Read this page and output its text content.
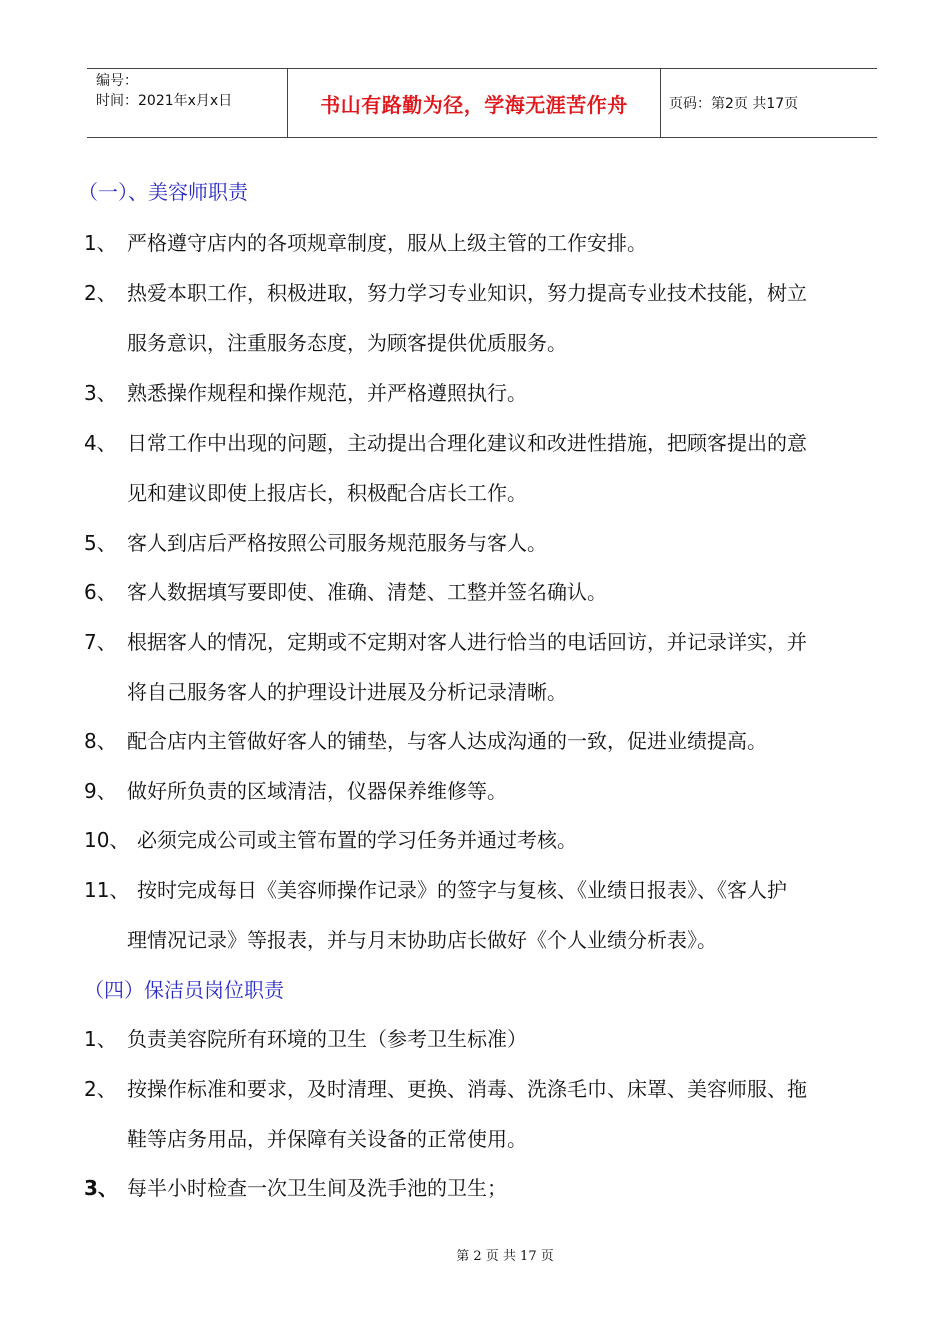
编号：
时间：2021年x月x日	书山有路勤为径，学海无涯苦作舟	页码：第2页 共17页
（一）、美容师职责
1、 严格遵守店内的各项规章制度，服从上级主管的工作安排。
2、 热爱本职工作，积极进取，努力学习专业知识，努力提高专业技术技能，树立
服务意识，注重服务态度，为顾客提供优质服务。
3、 熟悉操作规程和操作规范，并严格遵照执行。
4、 日常工作中出现的问题，主动提出合理化建议和改进性措施，把顾客提出的意
见和建议即使上报店长，积极配合店长工作。
5、 客人到店后严格按照公司服务规范服务与客人。
6、 客人数据填写要即使、准确、清楚、工整并签名确认。
7、 根据客人的情况，定期或不定期对客人进行恰当的电话回访，并记录详实，并
将自己服务客人的护理设计进展及分析记录清晰。
8、 配合店内主管做好客人的铺垫，与客人达成沟通的一致，促进业绩提高。
9、 做好所负责的区域清洁，仪器保养维修等。
10、 必须完成公司或主管布置的学习任务并通过考核。
11、 按时完成每日《美容师操作记录》的签字与复核、《业绩日报表》、《客人护
理情况记录》等报表，并与月末协助店长做好《个人业绩分析表》。
（四）保洁员岗位职责
1、 负责美容院所有环境的卫生（参考卫生标准）
2、 按操作标准和要求，及时清理、更换、消毒、洗涤毛巾、床罩、美容师服、拖
鞋等店务用品，并保障有关设备的正常使用。
3、 每半小时检查一次卫生间及洗手池的卫生；
第 2 页 共 17 页
